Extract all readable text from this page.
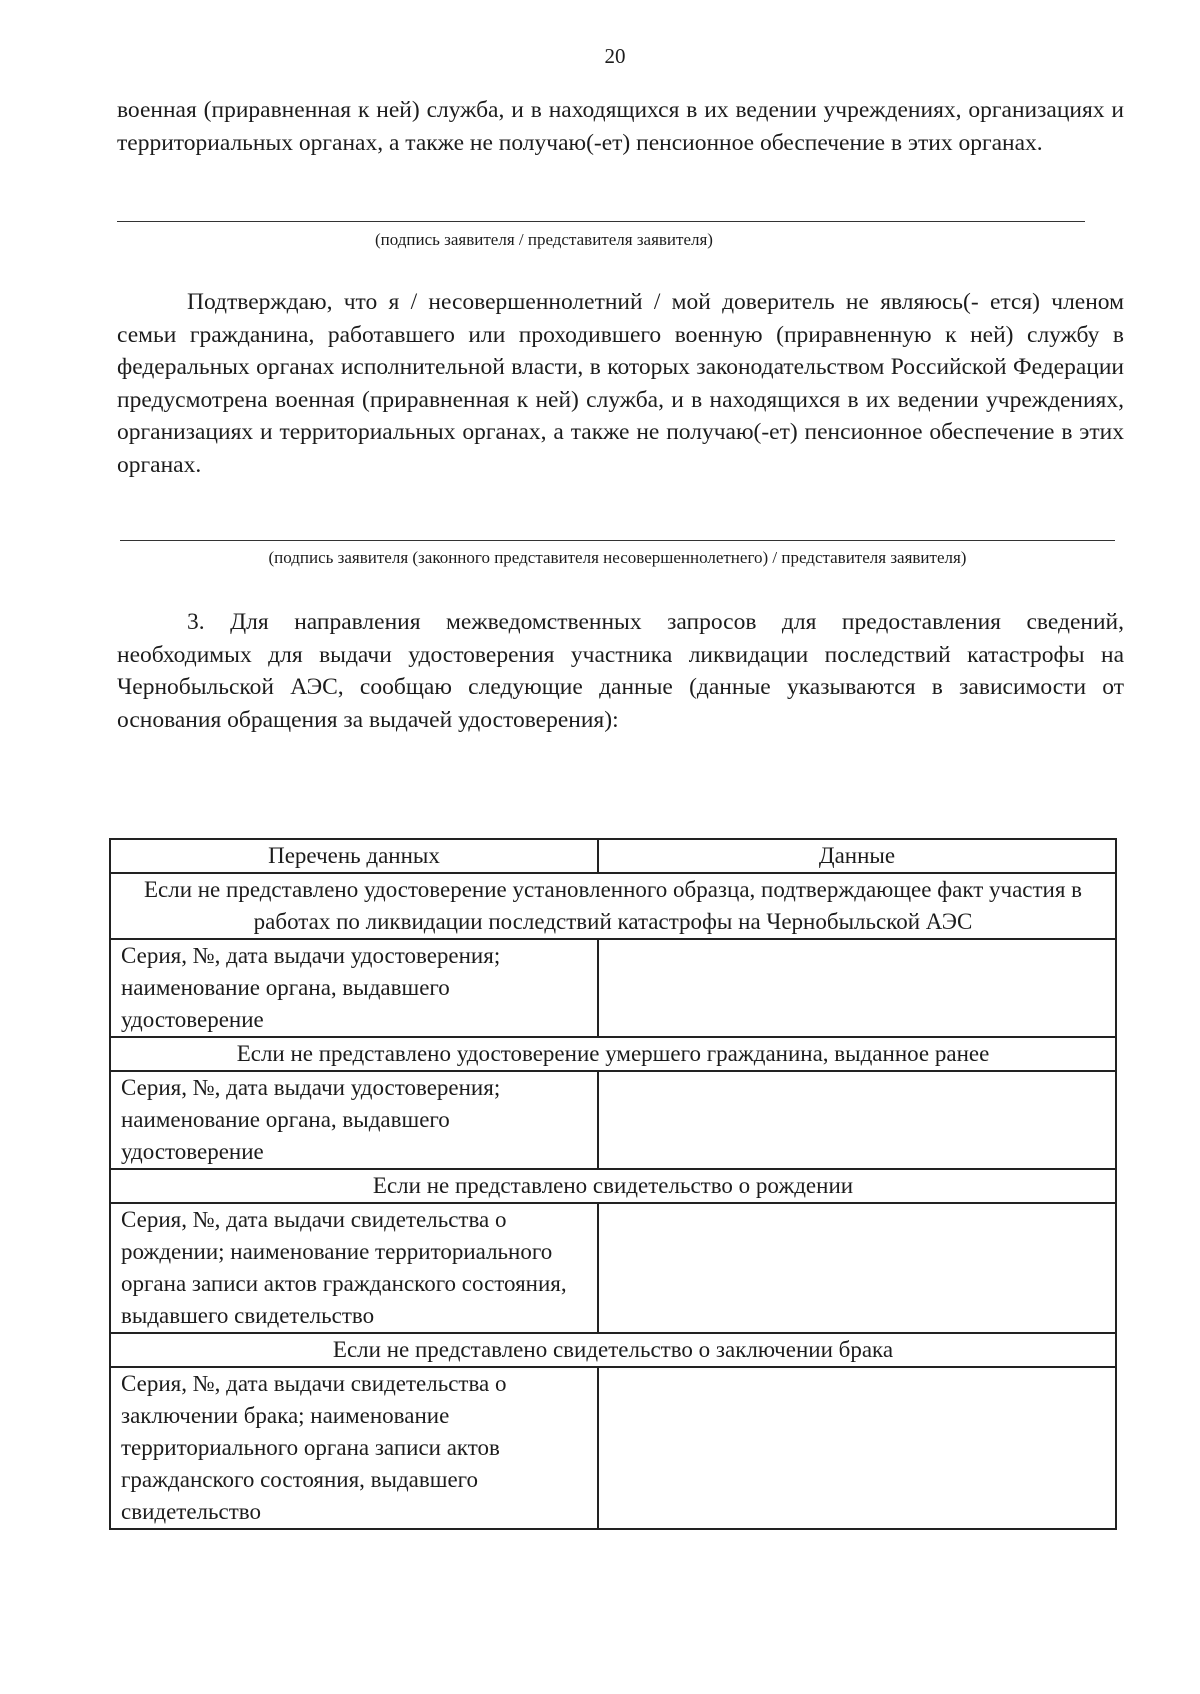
20

военная (приравненная к ней) служба, и в находящихся в их ведении учреждениях, организациях и территориальных органах, а также не получаю(-ет) пенсионное обеспечение в этих органах.

(подпись заявителя / представителя заявителя)

Подтверждаю, что я / несовершеннолетний / мой доверитель не являюсь(- ется) членом семьи гражданина, работавшего или проходившего военную (приравненную к ней) службу в федеральных органах исполнительной власти, в которых законодательством Российской Федерации предусмотрена военная (приравненная к ней) служба, и в находящихся в их ведении учреждениях, организациях и территориальных органах, а также не получаю(-ет) пенсионное обеспечение в этих органах.

(подпись заявителя (законного представителя несовершеннолетнего) / представителя заявителя)

3. Для направления межведомственных запросов для предоставления сведений, необходимых для выдачи удостоверения участника ликвидации последствий катастрофы на Чернобыльской АЭС, сообщаю следующие данные (данные указываются в зависимости от основания обращения за выдачей удостоверения):

Перечень данных	Данные
Если не представлено удостоверение установленного образца, подтверждающее факт участия в работах по ликвидации последствий катастрофы на Чернобыльской АЭС	
Серия, №, дата выдачи удостоверения; наименование органа, выдавшего удостоверение	
Если не представлено удостоверение умершего гражданина, выданное ранее	
Серия, №, дата выдачи удостоверения; наименование органа, выдавшего удостоверение	
Если не представлено свидетельство о рождении	
Серия, №, дата выдачи свидетельства о рождении; наименование территориального органа записи актов гражданского состояния, выдавшего свидетельство	
Если не представлено свидетельство о заключении брака	
Серия, №, дата выдачи свидетельства о заключении брака; наименование территориального органа записи актов гражданского состояния, выдавшего свидетельство	
